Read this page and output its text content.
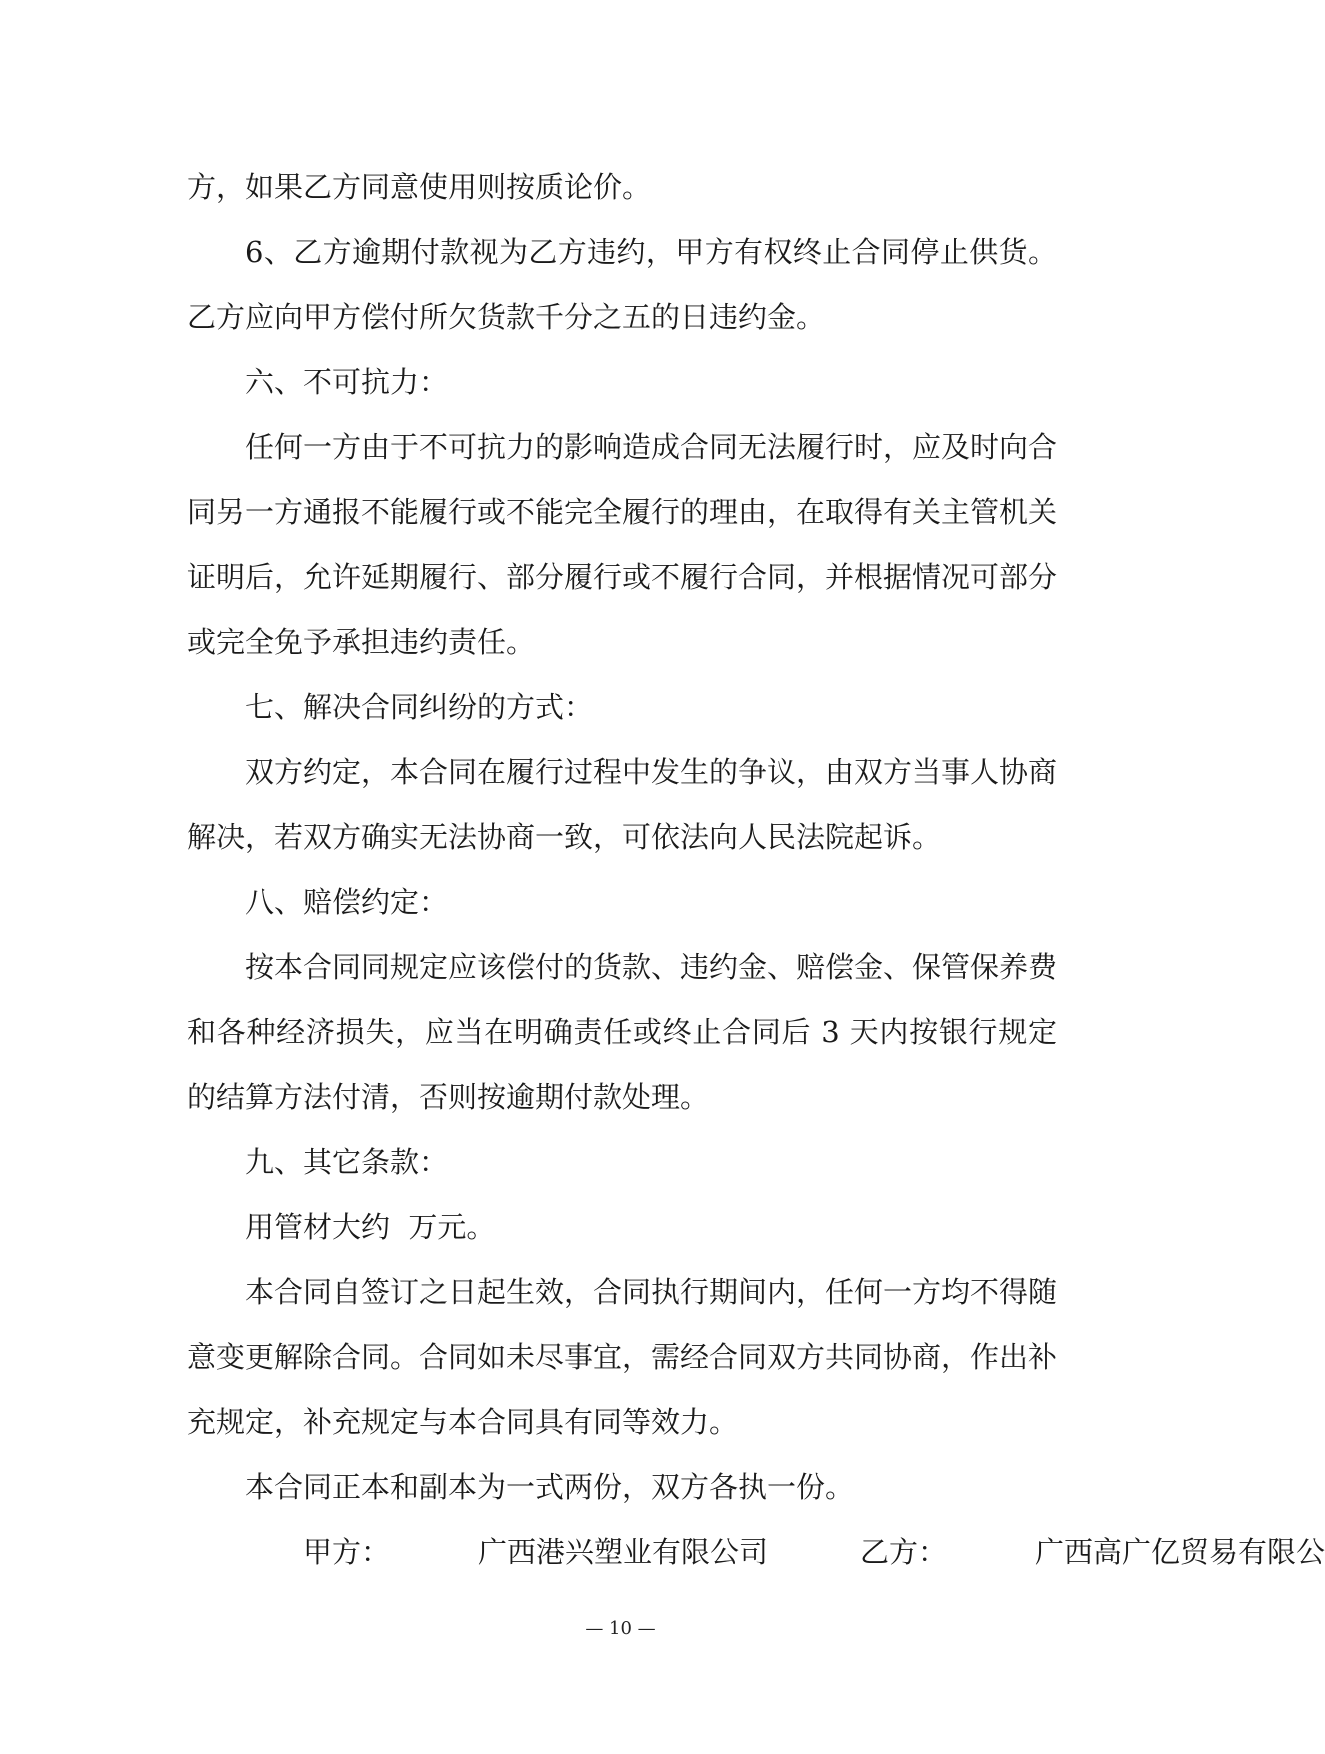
方，如果乙方同意使用则按质论价。

6、乙方逾期付款视为乙方违约，甲方有权终止合同停止供货。乙方应向甲方偿付所欠货款千分之五的日违约金。

六、不可抗力：

任何一方由于不可抗力的影响造成合同无法履行时，应及时向合同另一方通报不能履行或不能完全履行的理由，在取得有关主管机关证明后，允许延期履行、部分履行或不履行合同，并根据情况可部分或完全免予承担违约责任。

七、解决合同纠纷的方式：

双方约定，本合同在履行过程中发生的争议，由双方当事人协商解决，若双方确实无法协商一致，可依法向人民法院起诉。

八、赔偿约定：

按本合同同规定应该偿付的货款、违约金、赔偿金、保管保养费和各种经济损失，应当在明确责任或终止合同后 3 天内按银行规定的结算方法付清，否则按逾期付款处理。

九、其它条款：

用管材大约  万元。

本合同自签订之日起生效，合同执行期间内，任何一方均不得随意变更解除合同。合同如未尽事宜，需经合同双方共同协商，作出补充规定，补充规定与本合同具有同等效力。

本合同正本和副本为一式两份，双方各执一份。

甲方：	广西港兴塑业有限公司	乙方：	广西高广亿贸易有限公

— 10 —
